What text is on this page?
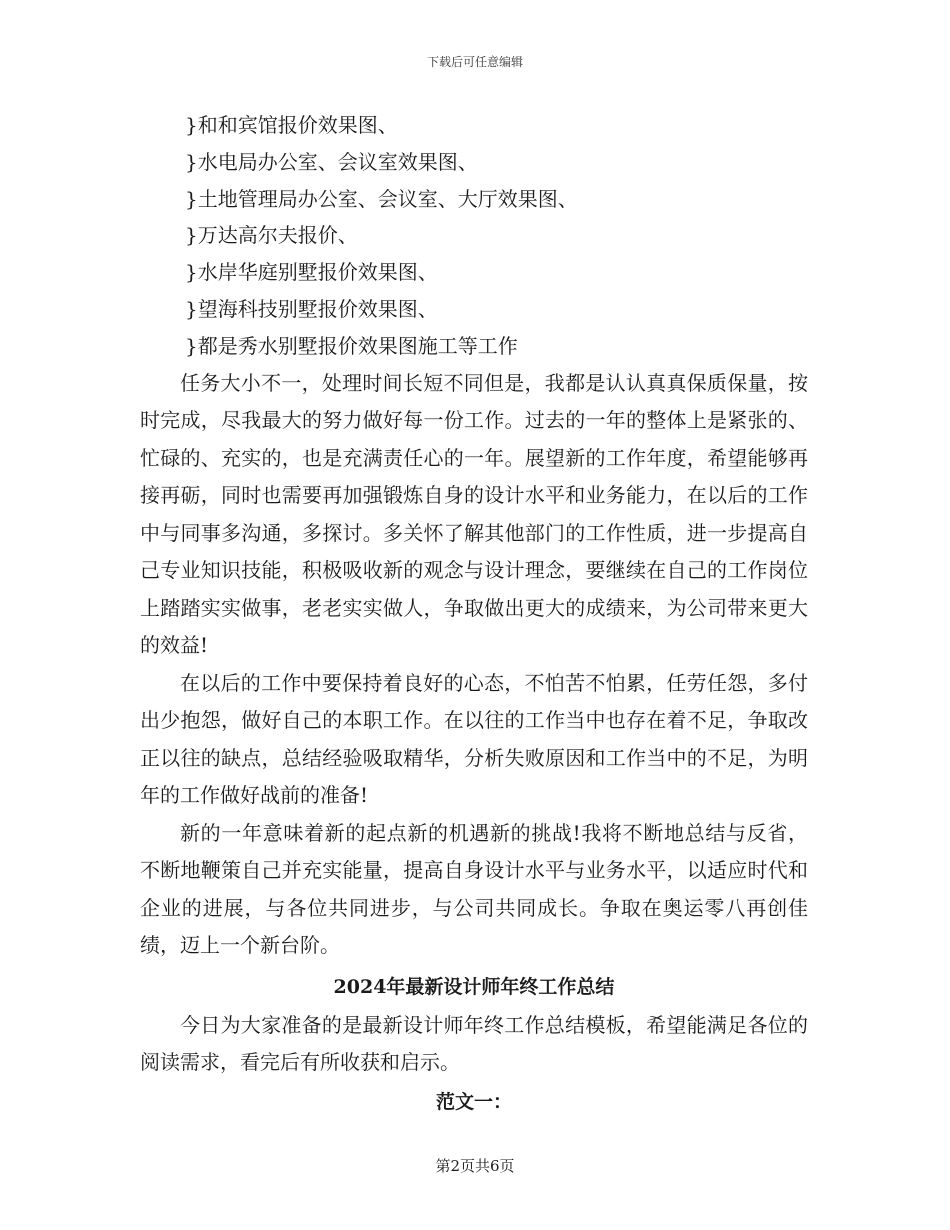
下载后可任意编辑
}和和宾馆报价效果图、
}水电局办公室、会议室效果图、
}土地管理局办公室、会议室、大厅效果图、
}万达高尔夫报价、
}水岸华庭别墅报价效果图、
}望海科技别墅报价效果图、
}都是秀水别墅报价效果图施工等工作

任务大小不一，处理时间长短不同但是，我都是认认真真保质保量，按时完成，尽我最大的努力做好每一份工作。过去的一年的整体上是紧张的、忙碌的、充实的，也是充满责任心的一年。展望新的工作年度，希望能够再接再砺，同时也需要再加强锻炼自身的设计水平和业务能力，在以后的工作中与同事多沟通，多探讨。多关怀了解其他部门的工作性质，进一步提高自己专业知识技能，积极吸收新的观念与设计理念，要继续在自己的工作岗位上踏踏实实做事，老老实实做人，争取做出更大的成绩来，为公司带来更大的效益!

在以后的工作中要保持着良好的心态，不怕苦不怕累，任劳任怨，多付出少抱怨，做好自己的本职工作。在以往的工作当中也存在着不足，争取改正以往的缺点，总结经验吸取精华，分析失败原因和工作当中的不足，为明年的工作做好战前的准备!

新的一年意味着新的起点新的机遇新的挑战!我将不断地总结与反省，不断地鞭策自己并充实能量，提高自身设计水平与业务水平，以适应时代和企业的进展，与各位共同进步，与公司共同成长。争取在奥运零八再创佳绩，迈上一个新台阶。

2024年最新设计师年终工作总结

今日为大家准备的是最新设计师年终工作总结模板，希望能满足各位的阅读需求，看完后有所收获和启示。

范文一：

第2页共6页
